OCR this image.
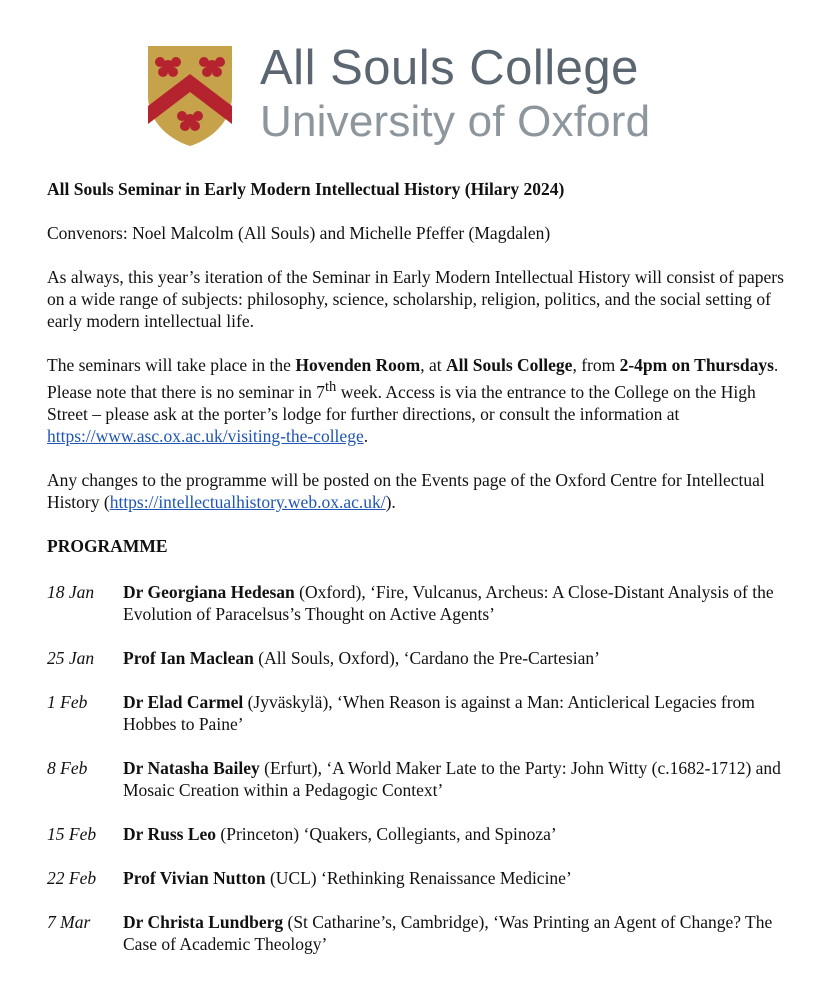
All Souls College
University of Oxford

All Souls Seminar in Early Modern Intellectual History (Hilary 2024)

Convenors: Noel Malcolm (All Souls) and Michelle Pfeffer (Magdalen)

As always, this year’s iteration of the Seminar in Early Modern Intellectual History will consist of papers on a wide range of subjects: philosophy, science, scholarship, religion, politics, and the social setting of early modern intellectual life.

The seminars will take place in the Hovenden Room, at All Souls College, from 2-4pm on Thursdays. Please note that there is no seminar in 7th week. Access is via the entrance to the College on the High Street – please ask at the porter’s lodge for further directions, or consult the information at https://www.asc.ox.ac.uk/visiting-the-college.

Any changes to the programme will be posted on the Events page of the Oxford Centre for Intellectual History (https://intellectualhistory.web.ox.ac.uk/).

PROGRAMME
18 Jan	Dr Georgiana Hedesan (Oxford), ‘Fire, Vulcanus, Archeus: A Close-Distant Analysis of the Evolution of Paracelsus’s Thought on Active Agents’
25 Jan	Prof Ian Maclean (All Souls, Oxford), ‘Cardano the Pre-Cartesian’
1 Feb	Dr Elad Carmel (Jyväskylä), ‘When Reason is against a Man: Anticlerical Legacies from Hobbes to Paine’
8 Feb	Dr Natasha Bailey (Erfurt), ‘A World Maker Late to the Party: John Witty (c.1682-1712) and Mosaic Creation within a Pedagogic Context’
15 Feb	Dr Russ Leo (Princeton) ‘Quakers, Collegiants, and Spinoza’
22 Feb	Prof Vivian Nutton (UCL) ‘Rethinking Renaissance Medicine’
7 Mar	Dr Christa Lundberg (St Catharine’s, Cambridge), ‘Was Printing an Agent of Change? The Case of Academic Theology’
